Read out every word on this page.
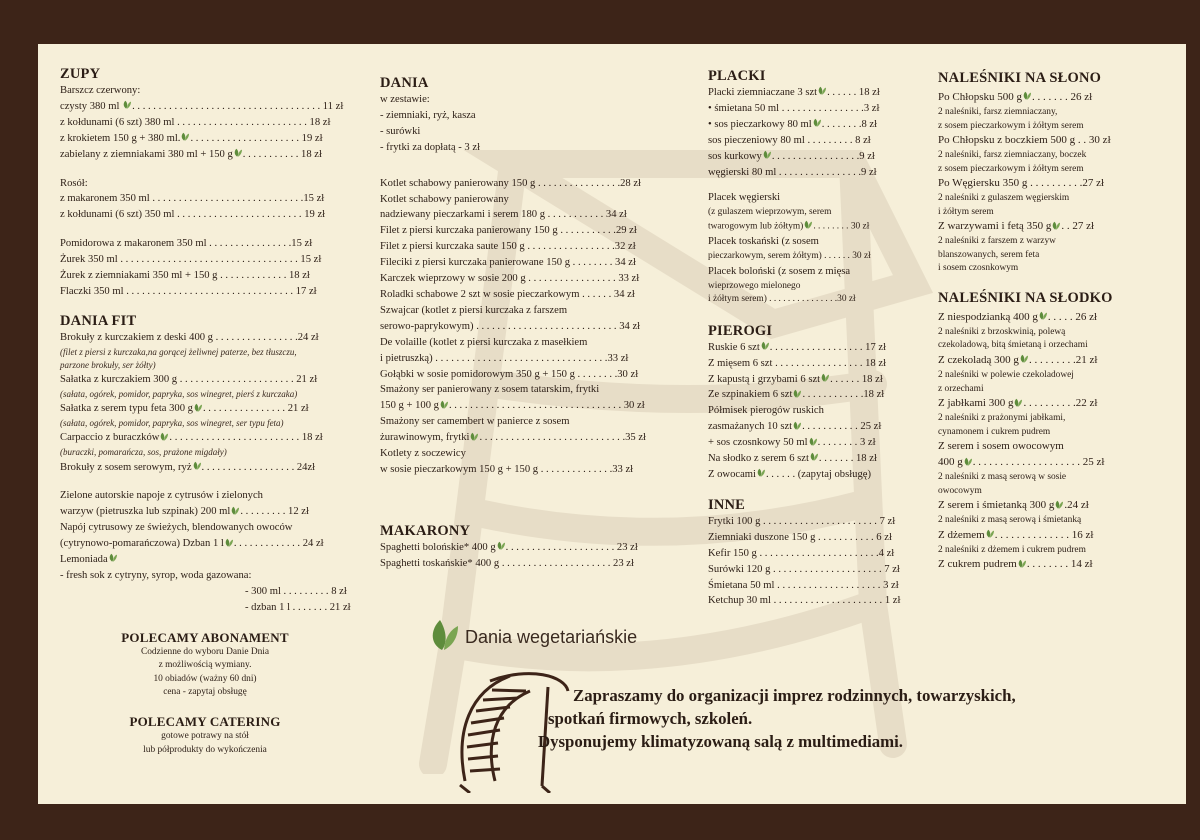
ZUPY
Barszcz czerwony:
czysty 380 ml . . . . . . . . . . . . . . . . . . . . . . . . . . . . . . . . . . . . 11 zł
z kołdunami (6 szt) 380 ml . . . . . . . . . . . . . . . . . . . . . . . . . 18 zł
z krokietem 150 g + 380 ml. . . . . . . . . . . . . . . . . . . . . . 19 zł
zabielany z ziemniakami 380 ml + 150 g . . . . . . . . . . . 18 zł
Rosół:
z makaronem 350 ml . . . . . . . . . . . . . . . . . . . . . . . . . . . . .15 zł
z kołdunami (6 szt) 350 ml . . . . . . . . . . . . . . . . . . . . . . . . 19 zł
Pomidorowa z makaronem 350 ml . . . . . . . . . . . . . . . .15 zł
Żurek 350 ml . . . . . . . . . . . . . . . . . . . . . . . . . . . . . . . . . . 15 zł
Żurek z ziemniakami 350 ml + 150 g . . . . . . . . . . . . . 18 zł
Flaczki 350 ml . . . . . . . . . . . . . . . . . . . . . . . . . . . . . . . . 17 zł
DANIA FIT
Brokuły z kurczakiem z deski 400 g . . . . . . . . . . . . . . . .24 zł
(filet z piersi z kurczaka,na gorącej żeliwnej paterze, bez tłuszczu,
parzone brokuły, ser żółty)
Sałatka z kurczakiem 300 g . . . . . . . . . . . . . . . . . . . . . . 21 zł
(sałata, ogórek, pomidor, papryka, sos winegret, pierś z kurczaka)
Sałatka z serem typu feta 300 g . . . . . . . . . . . . . . . . 21 zł
(sałata, ogórek, pomidor, papryka, sos winegret, ser typu feta)
Carpaccio z buraczków . . . . . . . . . . . . . . . . . . . . . . . . . 18 zł
(buraczki, pomarańcza, sos, prażone migdały)
Brokuły z sosem serowym, ryż . . . . . . . . . . . . . . . . . . 24zł
Zielone autorskie napoje z cytrusów i zielonych
warzyw (pietruszka lub szpinak) 200 ml . . . . . . . . . 12 zł
Napój cytrusowy ze świeżych, blendowanych owoców
(cytrynowo-pomarańczowa) Dzban 1 l . . . . . . . . . . . . . 24 zł
Lemoniada
- fresh sok z cytryny, syrop, woda gazowana:
- 300 ml . . . . . . . . . 8 zł
- dzban 1 l . . . . . . . 21 zł
POLECAMY ABONAMENT
Codzienne do wyboru Danie Dnia
z możliwością wymiany.
10 obiadów (ważny 60 dni)
cena - zapytaj obsługę
POLECAMY CATERING
gotowe potrawy na stół
lub półprodukty do wykończenia
DANIA
w zestawie:
- ziemniaki, ryż, kasza
- surówki
- frytki za dopłatą - 3 zł
Kotlet schabowy panierowany 150 g . . . . . . . . . . . . . . . .28 zł
Kotlet schabowy panierowany
nadziewany pieczarkami i serem 180 g . . . . . . . . . . . 34 zł
Filet z piersi kurczaka panierowany 150 g . . . . . . . . . . .29 zł
Filet z piersi kurczaka saute 150 g . . . . . . . . . . . . . . . . .32 zł
Fileciki z piersi kurczaka panierowane 150 g . . . . . . . . 34 zł
Karczek wieprzowy w sosie 200 g . . . . . . . . . . . . . . . . . 33 zł
Roladki schabowe 2 szt w sosie pieczarkowym . . . . . . 34 zł
Szwajcar (kotlet z piersi kurczaka z farszem
serowo-paprykowym) . . . . . . . . . . . . . . . . . . . . . . . . . . . 34 zł
De volaille (kotlet z piersi kurczaka z masełkiem
i pietruszką) . . . . . . . . . . . . . . . . . . . . . . . . . . . . . . . . .33 zł
Gołąbki w sosie pomidorowym 350 g + 150 g . . . . . . . .30 zł
Smażony ser panierowany z sosem tatarskim, frytki
150 g + 100 g . . . . . . . . . . . . . . . . . . . . . . . . . . . . . . . . . 30 zł
Smażony ser camembert w panierce z sosem
żurawinowym, frytki . . . . . . . . . . . . . . . . . . . . . . . . . . . .35 zł
Kotlety z soczewicy
w sosie pieczarkowym 150 g + 150 g . . . . . . . . . . . . . .33 zł
MAKARONY
Spaghetti bolońskie* 400 g . . . . . . . . . . . . . . . . . . . . . 23 zł
Spaghetti toskańskie* 400 g . . . . . . . . . . . . . . . . . . . . . 23 zł
Dania wegetariańskie
PLACKI
Placki ziemniaczane 3 szt . . . . . . 18 zł
• śmietana 50 ml . . . . . . . . . . . . . . . .3 zł
• sos pieczarkowy 80 ml . . . . . . . .8 zł
sos pieczeniowy 80 ml . . . . . . . . . 8 zł
sos kurkowy . . . . . . . . . . . . . . . . .9 zł
węgierski 80 ml . . . . . . . . . . . . . . . .9 zł
Placek węgierski
(z gulaszem wieprzowym, serem
twarogowym lub żółtym) . . . . . . . . 30 zł
Placek toskański (z sosem
pieczarkowym, serem żółtym) . . . . . . 30 zł
Placek boloński (z sosem z mięsa
wieprzowego mielonego
i żółtym serem) . . . . . . . . . . . . . . .30 zł
PIEROGI
Ruskie 6 szt . . . . . . . . . . . . . . . . . . 17 zł
Z mięsem 6 szt . . . . . . . . . . . . . . . . . 18 zł
Z kapustą i grzybami 6 szt . . . . . . 18 zł
Ze szpinakiem 6 szt . . . . . . . . . . . .18 zł
Półmisek pierogów ruskich
zasmażanych 10 szt . . . . . . . . . . . 25 zł
+ sos czosnkowy 50 ml . . . . . . . . 3 zł
Na słodko z serem 6 szt . . . . . . . 18 zł
Z owocami . . . . . . (zapytaj obsługę)
INNE
Frytki 100 g . . . . . . . . . . . . . . . . . . . . . . 7 zł
Ziemniaki duszone 150 g . . . . . . . . . . . 6 zł
Kefir 150 g . . . . . . . . . . . . . . . . . . . . . . .4 zł
Surówki 120 g . . . . . . . . . . . . . . . . . . . . . 7 zł
Śmietana 50 ml . . . . . . . . . . . . . . . . . . . . 3 zł
Ketchup 30 ml . . . . . . . . . . . . . . . . . . . . . 1 zł
NALEŚNIKI NA SŁONO
Po Chłopsku 500 g . . . . . . . 26 zł
2 naleśniki, farsz ziemniaczany,
z sosem pieczarkowym i żółtym serem
Po Chłopsku z boczkiem 500 g . . 30 zł
2 naleśniki, farsz ziemniaczany, boczek
z sosem pieczarkowym i żółtym serem
Po Węgiersku 350 g . . . . . . . . . .27 zł
2 naleśniki z gulaszem węgierskim
i żółtym serem
Z warzywami i fetą 350 g . . 27 zł
2 naleśniki z farszem z warzyw
blanszowanych, serem feta
i sosem czosnkowym
NALEŚNIKI NA SŁODKO
Z niespodzianką 400 g . . . . . 26 zł
2 naleśniki z brzoskwinią, polewą
czekoladową, bitą śmietaną i orzechami
Z czekoladą 300 g . . . . . . . . .21 zł
2 naleśniki w polewie czekoladowej
z orzechami
Z jabłkami 300 g . . . . . . . . . .22 zł
2 naleśniki z prażonymi jabłkami,
cynamonem i cukrem pudrem
Z serem i sosem owocowym
400 g . . . . . . . . . . . . . . . . . . . . 25 zł
2 naleśniki z masą serową w sosie
owocowym
Z serem i śmietanką 300 g .24 zł
2 naleśniki z masą serową i śmietanką
Z dżemem . . . . . . . . . . . . . . 16 zł
2 naleśniki z dżemem i cukrem pudrem
Z cukrem pudrem . . . . . . . . 14 zł
Zapraszamy do organizacji imprez rodzinnych, towarzyskich,
spotkań firmowych, szkoleń.
Dysponujemy klimatyzowaną salą z multimediami.
